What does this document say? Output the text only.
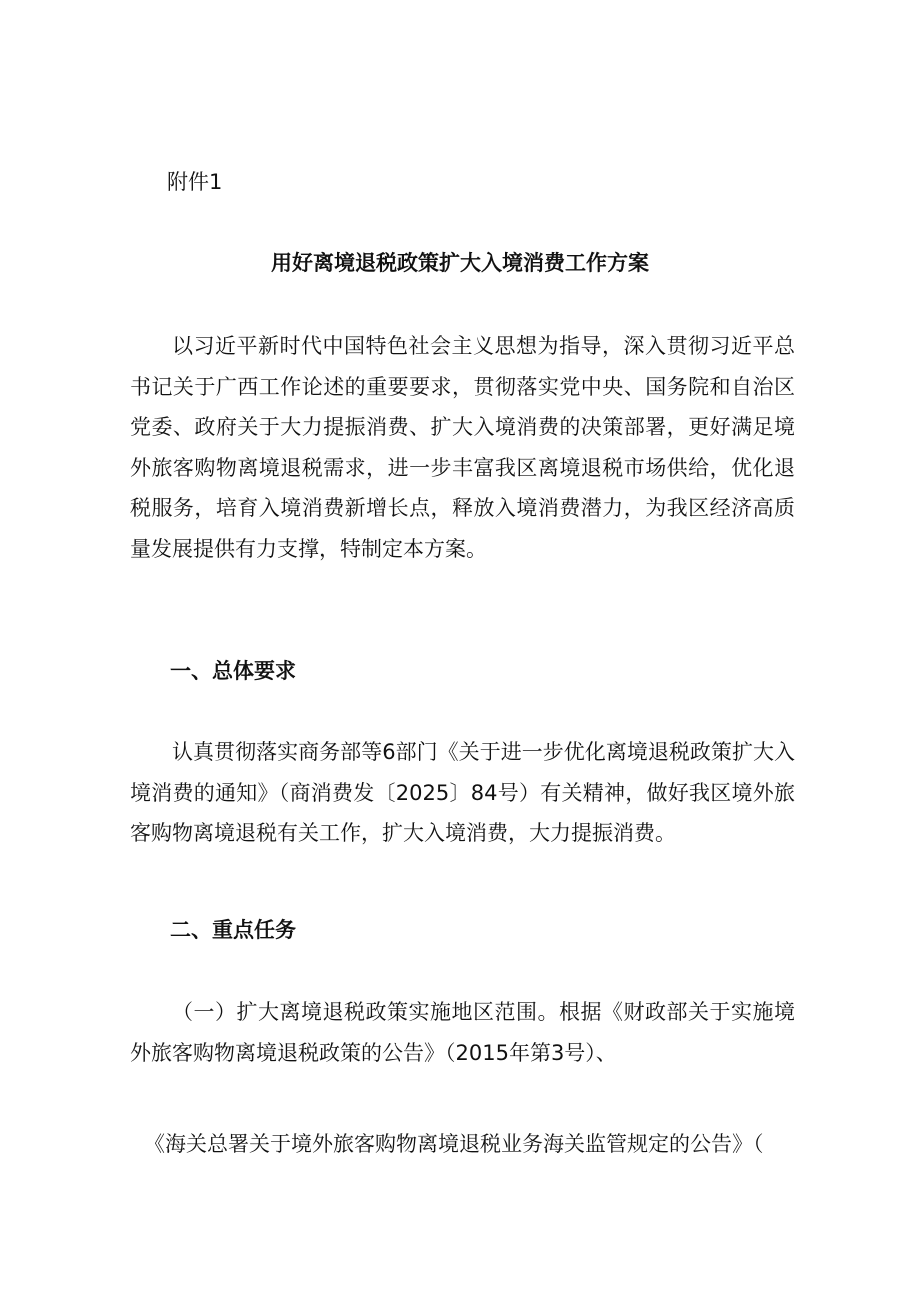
附件1
用好离境退税政策扩大入境消费工作方案
以习近平新时代中国特色社会主义思想为指导，深入贯彻习近平总书记关于广西工作论述的重要要求，贯彻落实党中央、国务院和自治区党委、政府关于大力提振消费、扩大入境消费的决策部署，更好满足境外旅客购物离境退税需求，进一步丰富我区离境退税市场供给，优化退税服务，培育入境消费新增长点，释放入境消费潜力，为我区经济高质量发展提供有力支撑，特制定本方案。
一、总体要求
认真贯彻落实商务部等6部门《关于进一步优化离境退税政策扩大入境消费的通知》（商消费发〔2025〕84号）有关精神，做好我区境外旅客购物离境退税有关工作，扩大入境消费，大力提振消费。
二、重点任务
（一）扩大离境退税政策实施地区范围。根据《财政部关于实施境外旅客购物离境退税政策的公告》（2015年第3号）、
《海关总署关于境外旅客购物离境退税业务海关监管规定的公告》（
